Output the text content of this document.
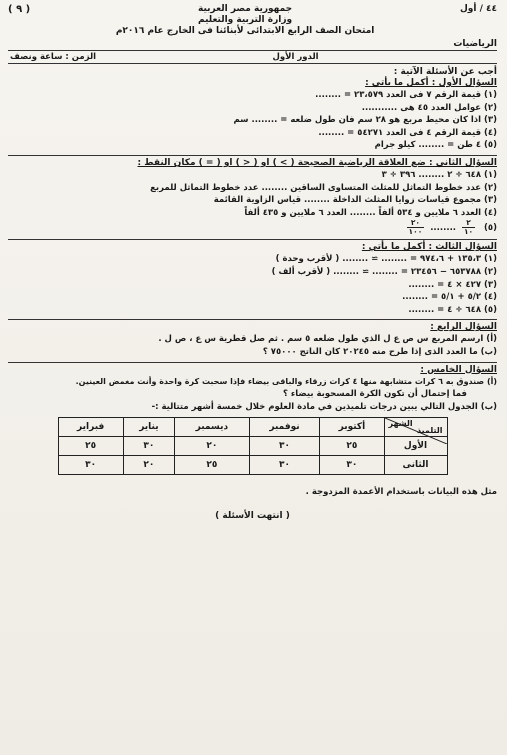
٤٤ / أول
جمهورية مصر العربية
وزارة التربية والتعليم
امتحان الصف الرابع الابتدائى لأبنائنا فى الخارج عام ٢٠١٦م
( ٩ )
الرياضيات
الدور الأول
الزمن : ساعة ونصف
أجب عن الأسئلة الآتية :
السؤال الأول : أكمل ما يأتي :
(١) قيمة الرقم ٧ فى العدد ٢٣،٥٧٩ = ........
(٢) عوامل العدد ٤٥ هى ...........
(٣) اذا كان محيط مربع هو ٢٨ سم فان طول ضلعه = ........ سم
(٤) قيمة الرقم ٤ فى العدد ٥٤٢٧١ = ........
(٥) ٤ طن = ........ كيلو جرام
السؤال الثاني : ضع العلاقة الرياضية الصحيحة ( > ) او ( < ) او ( = ) مكان النقط :
(١) ٦٤٨ ÷ ٢ ........ ٣٩٦ ÷ ٣
(٢) عدد خطوط التماثل للمثلث المتساوى الساقين ........ عدد خطوط التماثل للمربع
(٣) مجموع قياسات زوايا المثلث الداخلة ........ قياس الزاوية القائمة
(٤) العدد ٦ ملايين و ٥٣٤ ألفاً ........ العدد ٦ ملايين و ٤٣٥ ألفاً
(٥)
$\frac{٢}{١٠}$
........
$\frac{٢٠}{١٠٠}$
السؤال الثالث : أكمل ما يأتي :
(١) ١٣٥،٣ + ٩٧٤،٦ = ........ ≃ ........ ( لأقرب وحدة )
(٢) ٦٥٣٧٨٨ − ٢٣٤٥٦ = ........ ≃ ........ ( لأقرب ألف )
(٣) ٤٢٧ × ٤ = ........
(٤) ٥/٢ + ٥/١ = ........
(٥) ٦٤٨ ÷ ٤ = ........
السؤال الرابع :
(أ) ارسم المربع س ص ع ل الذي طول ضلعه ٥ سم . ثم صل قطرية س ع ، ص ل .
(ب) ما العدد الذى إذا طرح منه ٢٠٢٤٥ كان الناتج ٧٥٠٠٠ ؟
السؤال الخامس :
(أ) صندوق به ٦ كرات متشابهة منها ٤ كرات زرقاء والباقى بيضاء فإذا سحبت كرة واحدة وأنت مغمض العينين.
فما إحتمال أن تكون الكرة المسحوبة بيضاء ؟
(ب) الجدول التالي يبين درجات تلميذين في مادة العلوم خلال خمسة أشهر متتالية :-
الشهر
التلميذ	أكتوبر	نوفمبر	ديسمبر	يناير	فبراير
الأول	٢٥	٣٠	٢٠	٣٠	٢٥
الثانى	٣٠	٣٠	٢٥	٢٠	٣٠
مثل هذه البيانات باستخدام الأعمدة المزدوجة .
( انتهت الأسئلة )
